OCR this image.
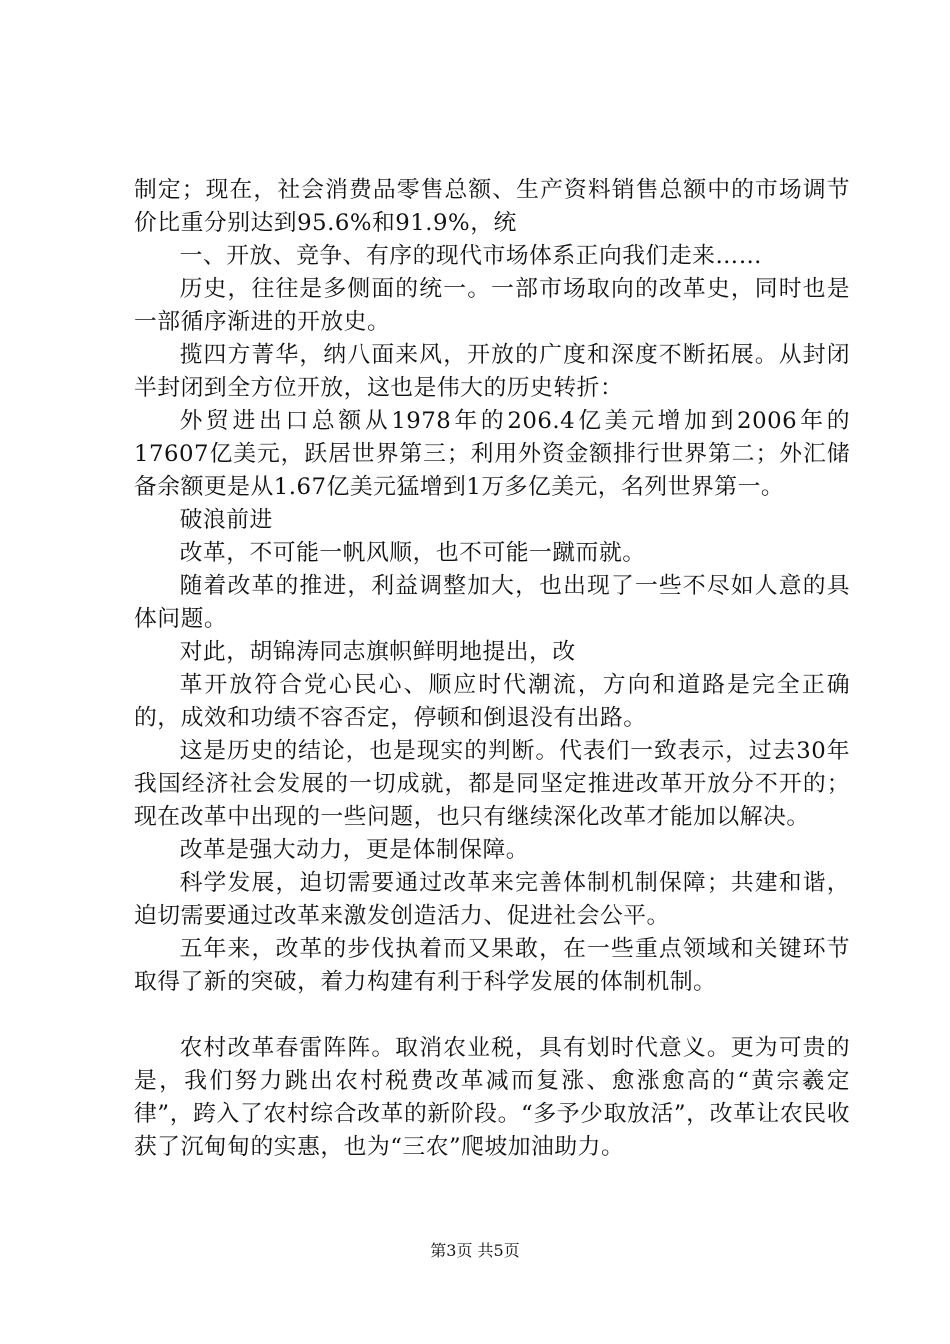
制定；现在，社会消费品零售总额、生产资料销售总额中的市场调节价比重分别达到95.6%和91.9%，统

一、开放、竞争、有序的现代市场体系正向我们走来……

历史，往往是多侧面的统一。一部市场取向的改革史，同时也是一部循序渐进的开放史。

揽四方菁华，纳八面来风，开放的广度和深度不断拓展。从封闭半封闭到全方位开放，这也是伟大的历史转折：

外贸进出口总额从1978年的206.4亿美元增加到2006年的17607亿美元，跃居世界第三；利用外资金额排行世界第二；外汇储备余额更是从1.67亿美元猛增到1万多亿美元，名列世界第一。

破浪前进

改革，不可能一帆风顺，也不可能一蹴而就。

随着改革的推进，利益调整加大，也出现了一些不尽如人意的具体问题。

对此，胡锦涛同志旗帜鲜明地提出，改

革开放符合党心民心、顺应时代潮流，方向和道路是完全正确的，成效和功绩不容否定，停顿和倒退没有出路。

这是历史的结论，也是现实的判断。代表们一致表示，过去30年我国经济社会发展的一切成就，都是同坚定推进改革开放分不开的；现在改革中出现的一些问题，也只有继续深化改革才能加以解决。

改革是强大动力，更是体制保障。

科学发展，迫切需要通过改革来完善体制机制保障；共建和谐，迫切需要通过改革来激发创造活力、促进社会公平。

五年来，改革的步伐执着而又果敢，在一些重点领域和关键环节取得了新的突破，着力构建有利于科学发展的体制机制。

农村改革春雷阵阵。取消农业税，具有划时代意义。更为可贵的是，我们努力跳出农村税费改革减而复涨、愈涨愈高的“黄宗羲定律”，跨入了农村综合改革的新阶段。“多予少取放活”，改革让农民收获了沉甸甸的实惠，也为“三农”爬坡加油助力。

第3页 共5页
